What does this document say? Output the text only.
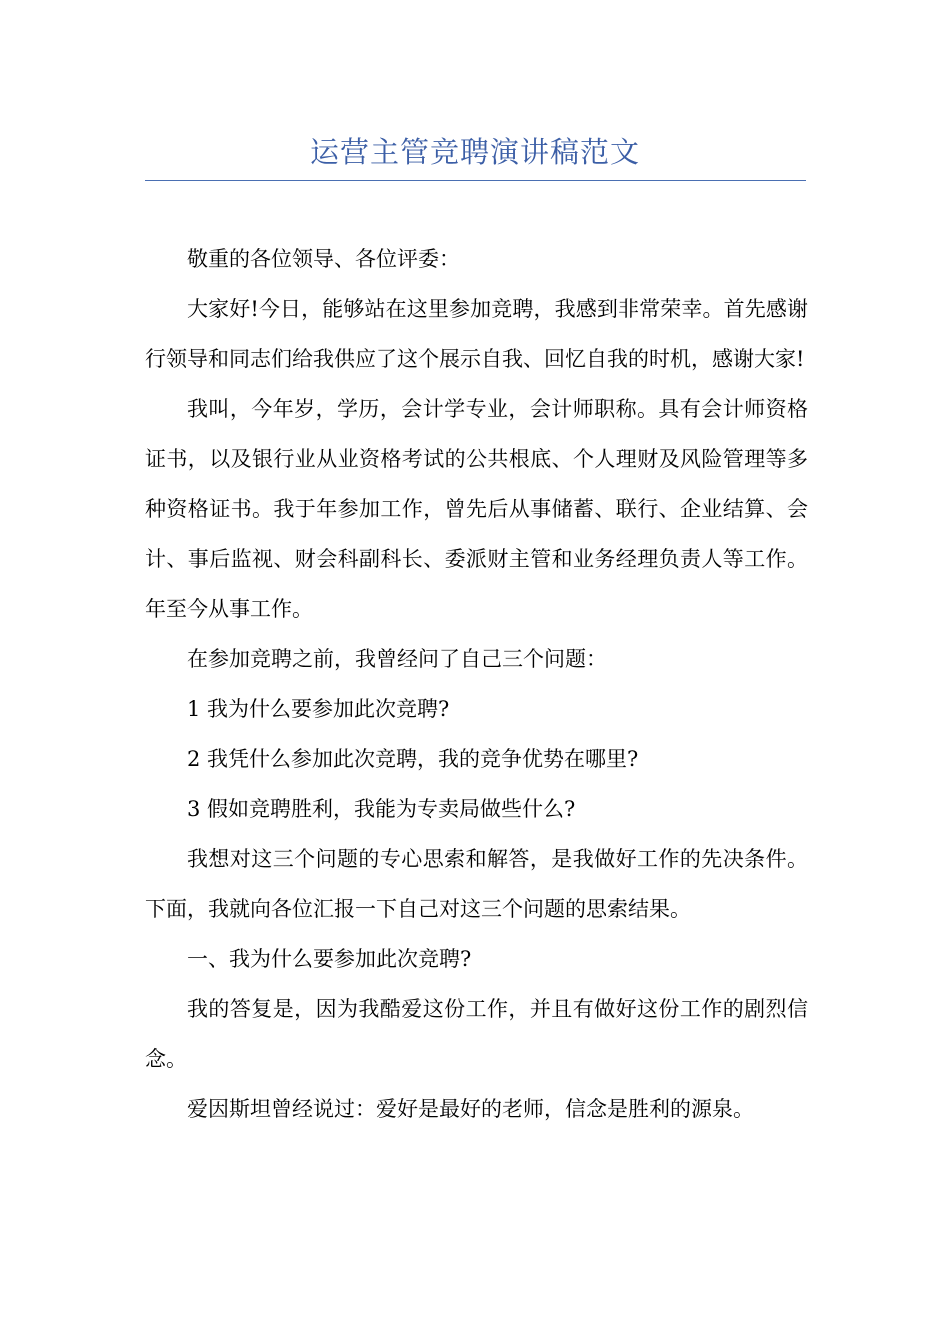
运营主管竞聘演讲稿范文

敬重的各位领导、各位评委：

大家好!今日，能够站在这里参加竞聘，我感到非常荣幸。首先感谢行领导和同志们给我供应了这个展示自我、回忆自我的时机，感谢大家!

我叫，今年岁，学历，会计学专业，会计师职称。具有会计师资格证书，以及银行业从业资格考试的公共根底、个人理财及风险管理等多种资格证书。我于年参加工作，曾先后从事储蓄、联行、企业结算、会计、事后监视、财会科副科长、委派财主管和业务经理负责人等工作。年至今从事工作。

在参加竞聘之前，我曾经问了自己三个问题：

1 我为什么要参加此次竞聘?

2 我凭什么参加此次竞聘，我的竞争优势在哪里?

3 假如竞聘胜利，我能为专卖局做些什么?

我想对这三个问题的专心思索和解答，是我做好工作的先决条件。下面，我就向各位汇报一下自己对这三个问题的思索结果。

一、我为什么要参加此次竞聘?

我的答复是，因为我酷爱这份工作，并且有做好这份工作的剧烈信念。

爱因斯坦曾经说过：爱好是最好的老师，信念是胜利的源泉。
